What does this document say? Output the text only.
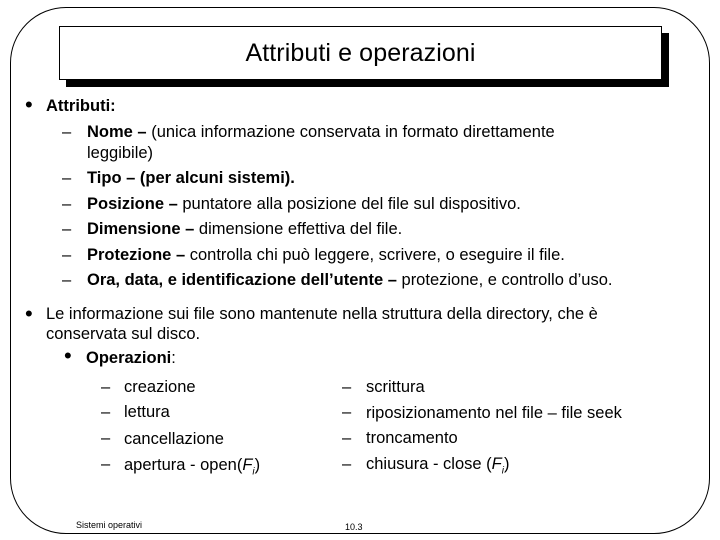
Attributi e operazioni
• Attributi:
– Nome – (unica informazione conservata in formato direttamente
leggibile)
– Tipo – (per alcuni sistemi).
– Posizione – puntatore alla posizione del file sul dispositivo.
– Dimensione – dimensione effettiva del file.
– Protezione – controlla chi può leggere, scrivere, o eseguire il file.
– Ora, data, e identificazione dell’utente – protezione, e controllo d’uso.
• Le informazione sui file sono mantenute nella struttura della directory, che è
conservata sul disco.
• Operazioni:
– creazione
– lettura
– cancellazione
– apertura - $open(F_i)$
– scrittura
– riposizionamento nel file – file seek
– troncamento
– chiusura - close $(F_i)$
Sistemi operativi	10.3
